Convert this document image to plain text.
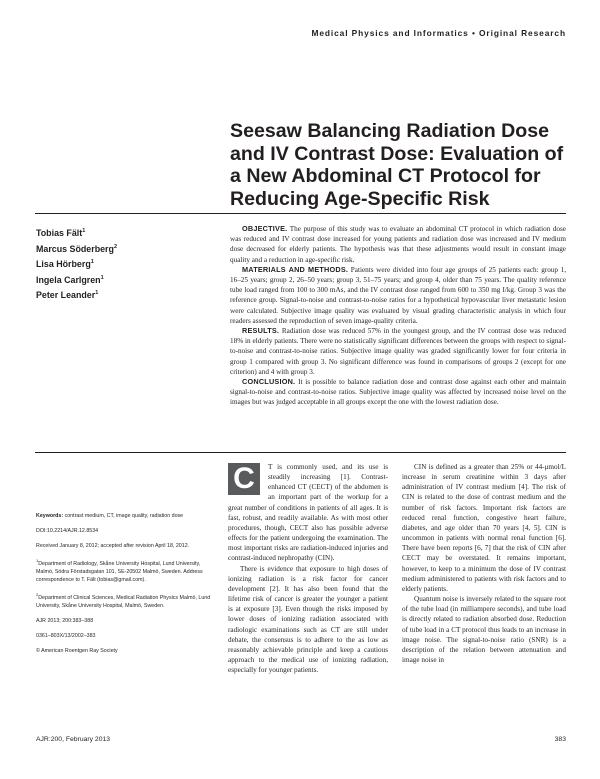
Medical Physics and Informatics • Original Research
Seesaw Balancing Radiation Dose and IV Contrast Dose: Evaluation of a New Abdominal CT Protocol for Reducing Age-Specific Risk
Tobias Fält$^1$
Marcus Söderberg$^2$
Lisa Hörberg$^1$
Ingela Carlgren$^1$
Peter Leander$^1$

OBJECTIVE. The purpose of this study was to evaluate an abdominal CT protocol in which radiation dose was reduced and IV contrast dose increased for young patients and radiation dose was increased and IV medium dose decreased for elderly patients. The hypothesis was that these adjustments would result in constant image quality and a reduction in age-specific risk.

MATERIALS AND METHODS. Patients were divided into four age groups of 25 patients each: group 1, 16–25 years; group 2, 26–50 years; group 3, 51–75 years; and group 4, older than 75 years. The quality reference tube load ranged from 100 to 300 mAs, and the IV contrast dose ranged from 600 to 350 mg I/kg. Group 3 was the reference group. Signal-to-noise and contrast-to-noise ratios for a hypothetical hypovascular liver metastatic lesion were calculated. Subjective image quality was evaluated by visual grading characteristic analysis in which four readers assessed the reproduction of seven image-quality criteria.

RESULTS. Radiation dose was reduced 57% in the youngest group, and the IV contrast dose was reduced 18% in elderly patients. There were no statistically significant differences between the groups with respect to signal-to-noise and contrast-to-noise ratios. Subjective image quality was graded significantly lower for four criteria in group 1 compared with group 3. No significant difference was found in comparisons of groups 2 (except for one criterion) and 4 with group 3.

CONCLUSION. It is possible to balance radiation dose and contrast dose against each other and maintain signal-to-noise and contrast-to-noise ratios. Subjective image quality was affected by increased noise level on the images but was judged acceptable in all groups except the one with the lowest radiation dose.

Keywords: contrast medium, CT, image quality, radiation dose
DOI:10.2214/AJR.12.8534
Received January 8, 2012; accepted after revision April 18, 2012.
$^1$Department of Radiology, Skåne University Hospital, Lund University, Malmö, Södra Förstadsgatan 101, SE-20502 Malmö, Sweden. Address correspondence to T. Fält (tobias@gmail.com).
$^2$Department of Clinical Sciences, Medical Radiation Physics Malmö, Lund University, Skåne University Hospital, Malmö, Sweden.
AJR 2013; 200:383–388
0361–803X/13/2002–383
© American Roentgen Ray Society

C	T is commonly used, and its use is steadily increasing [1]. Contrast-enhanced CT (CECT) of the abdomen is an important part of the workup for a great number of conditions in patients of all ages. It is fast, robust, and readily available. As with most other procedures, though, CECT also has possible adverse effects for the patient undergoing the examination. The most important risks are radiation-induced injuries and contrast-induced nephropathy (CIN).

There is evidence that exposure to high doses of ionizing radiation is a risk factor for cancer development [2]. It has also been found that the lifetime risk of cancer is greater the younger a patient is at exposure [3]. Even though the risks imposed by lower doses of ionizing radiation associated with radiologic examinations such as CT are still under debate, the consensus is to adhere to the as low as reasonably achievable principle and keep a cautious approach to the medical use of ionizing radiation, especially for younger patients.

CIN is defined as a greater than 25% or 44-μmol/L increase in serum creatinine within 3 days after administration of IV contrast medium [4]. The risk of CIN is related to the dose of contrast medium and the number of risk factors. Important risk factors are reduced renal function, congestive heart failure, diabetes, and age older than 70 years [4, 5]. CIN is uncommon in patients with normal renal function [6]. There have been reports [6, 7] that the risk of CIN after CECT may be overstated. It remains important, however, to keep to a minimum the dose of IV contrast medium administered to patients with risk factors and to elderly patients.

Quantum noise is inversely related to the square root of the tube load (in milliampere seconds), and tube load is directly related to radiation absorbed dose. Reduction of tube load in a CT protocol thus leads to an increase in image noise. The signal-to-noise ratio (SNR) is a description of the relation between attenuation and image noise in

AJR:200, February 2013	383
